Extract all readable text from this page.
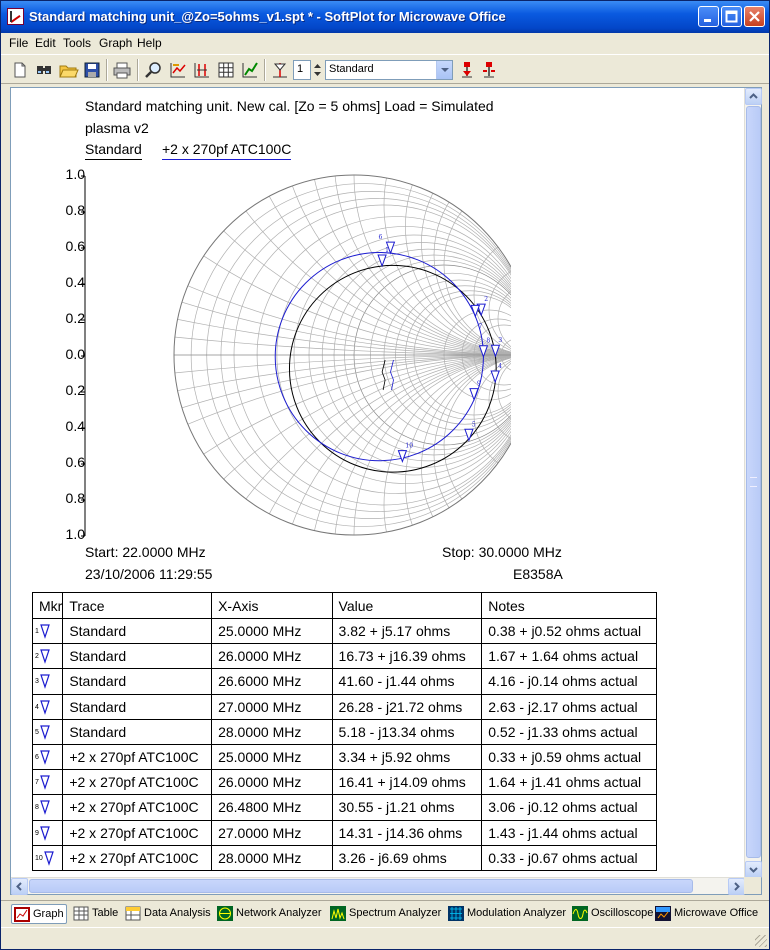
Standard matching unit_@Zo=5ohms_v1.spt * - SoftPlot for Microwave Office
File Edit Tools Graph Help
1	Standard
Standard matching unit. New cal. [Zo = 5 ohms] Load = Simulated
plasma v2
Standard +2 x 270pf ATC100C
1.0
0.8
0.6
0.4
0.2
0.0
0.2
0.4
0.6
0.8
1.0
1
2
3
4
5
6
7
8
9
10
Start: 22.0000 MHz	Stop: 30.0000 MHz
23/10/2006 11:29:55	E8358A
Mkr	Trace	X-Axis	Value	Notes
1	Standard	25.0000 MHz	3.82 + j5.17 ohms	0.38 + j0.52 ohms actual
2	Standard	26.0000 MHz	16.73 + j16.39 ohms	1.67 + 1.64 ohms actual
3	Standard	26.6000 MHz	41.60 - j1.44 ohms	4.16 - j0.14 ohms actual
4	Standard	27.0000 MHz	26.28 - j21.72 ohms	2.63 - j2.17 ohms actual
5	Standard	28.0000 MHz	5.18 - j13.34 ohms	0.52 - j1.33 ohms actual
6	+2 x 270pf ATC100C	25.0000 MHz	3.34 + j5.92 ohms	0.33 + j0.59 ohms actual
7	+2 x 270pf ATC100C	26.0000 MHz	16.41 + j14.09 ohms	1.64 + j1.41 ohms actual
8	+2 x 270pf ATC100C	26.4800 MHz	30.55 - j1.21 ohms	3.06 - j0.12 ohms actual
9	+2 x 270pf ATC100C	27.0000 MHz	14.31 - j14.36 ohms	1.43 - j1.44 ohms actual
10	+2 x 270pf ATC100C	28.0000 MHz	3.26 - j6.69 ohms	0.33 - j0.67 ohms actual
Graph	Table	Data Analysis	Network Analyzer	Spectrum Analyzer	Modulation Analyzer	Oscilloscope	Microwave Office
